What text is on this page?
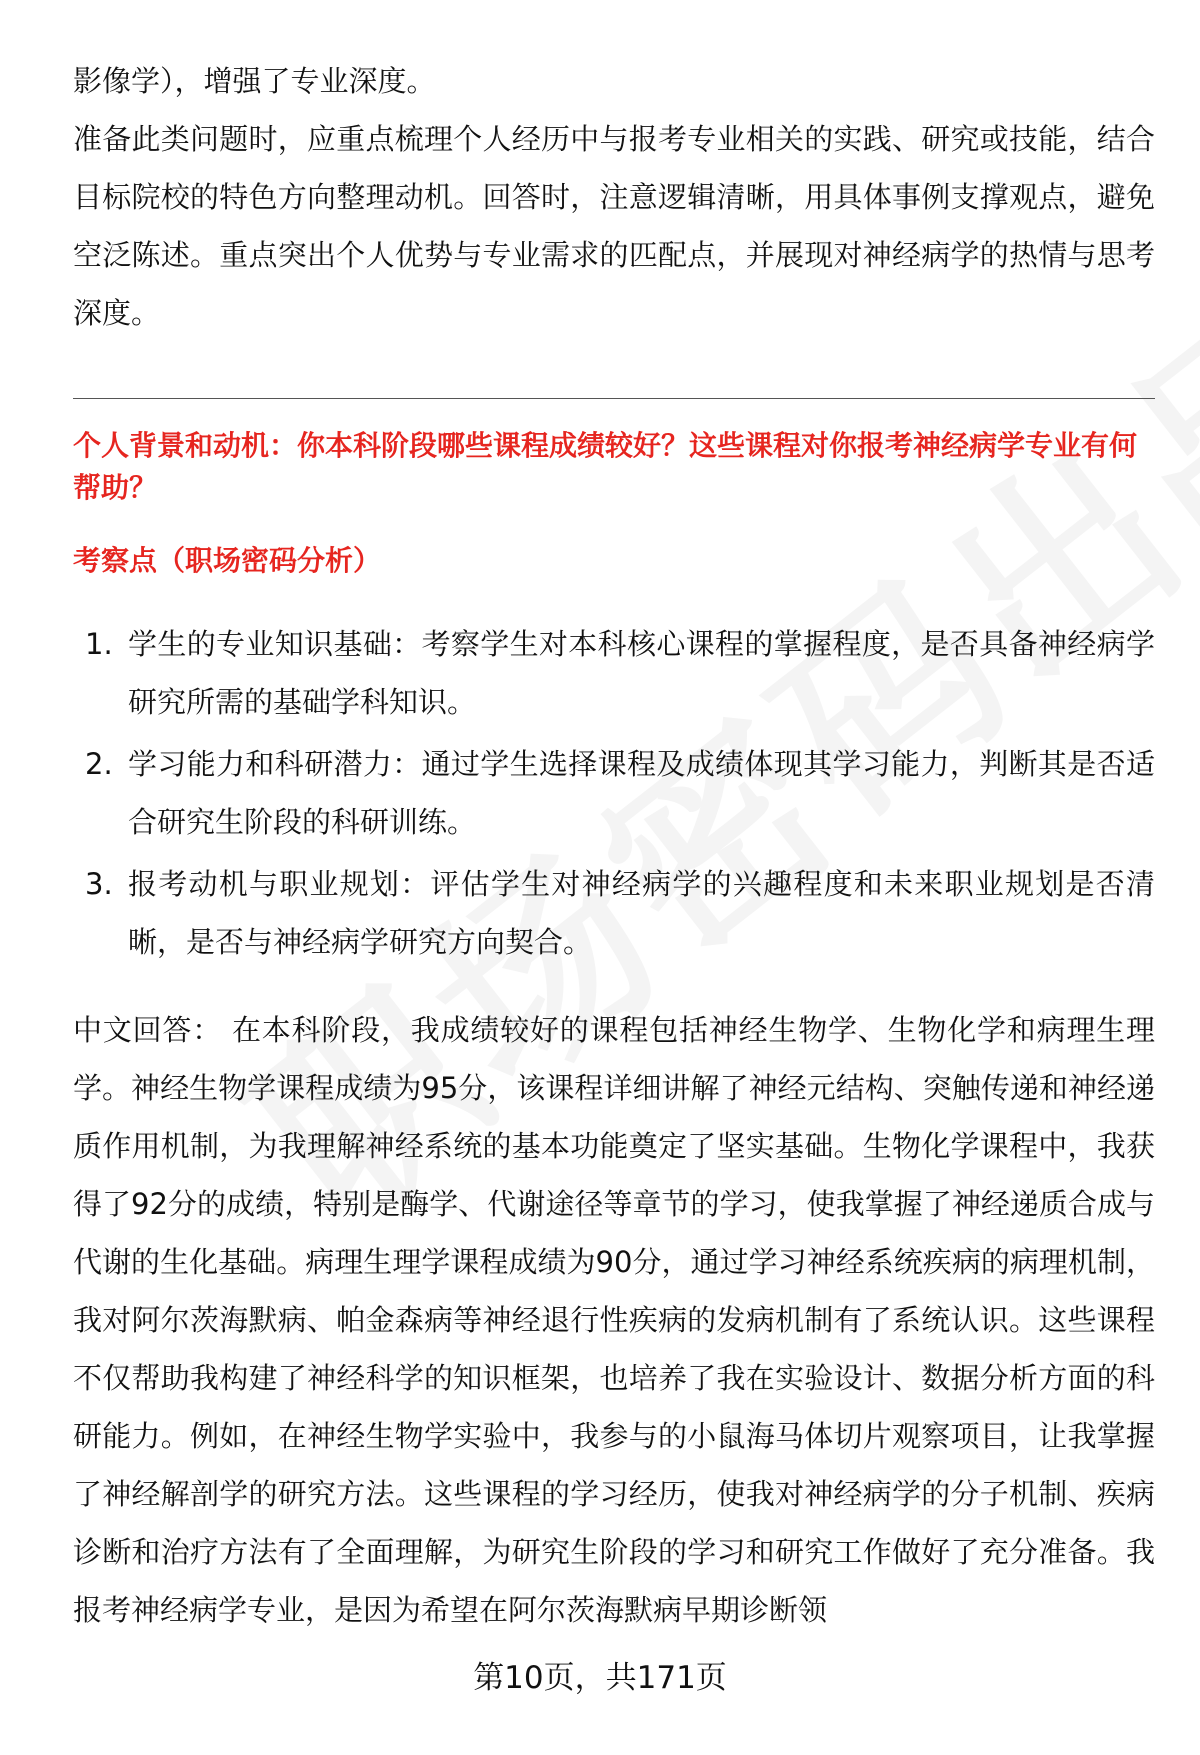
影像学），增强了专业深度。

准备此类问题时，应重点梳理个人经历中与报考专业相关的实践、研究或技能，结合目标院校的特色方向整理动机。回答时，注意逻辑清晰，用具体事例支撑观点，避免空泛陈述。重点突出个人优势与专业需求的匹配点，并展现对神经病学的热情与思考深度。

个人背景和动机：你本科阶段哪些课程成绩较好？这些课程对你报考神经病学专业有何帮助？
考察点（职场密码分析）
1. 学生的专业知识基础：考察学生对本科核心课程的掌握程度，是否具备神经病学研究所需的基础学科知识。
2. 学习能力和科研潜力：通过学生选择课程及成绩体现其学习能力，判断其是否适合研究生阶段的科研训练。
3. 报考动机与职业规划：评估学生对神经病学的兴趣程度和未来职业规划是否清晰，是否与神经病学研究方向契合。

中文回答： 在本科阶段，我成绩较好的课程包括神经生物学、生物化学和病理生理学。神经生物学课程成绩为95分，该课程详细讲解了神经元结构、突触传递和神经递质作用机制，为我理解神经系统的基本功能奠定了坚实基础。生物化学课程中，我获得了92分的成绩，特别是酶学、代谢途径等章节的学习，使我掌握了神经递质合成与代谢的生化基础。病理生理学课程成绩为90分，通过学习神经系统疾病的病理机制，我对阿尔茨海默病、帕金森病等神经退行性疾病的发病机制有了系统认识。这些课程不仅帮助我构建了神经科学的知识框架，也培养了我在实验设计、数据分析方面的科研能力。例如，在神经生物学实验中，我参与的小鼠海马体切片观察项目，让我掌握了神经解剖学的研究方法。这些课程的学习经历，使我对神经病学的分子机制、疾病诊断和治疗方法有了全面理解，为研究生阶段的学习和研究工作做好了充分准备。我报考神经病学专业，是因为希望在阿尔茨海默病早期诊断领

第10页，共171页
